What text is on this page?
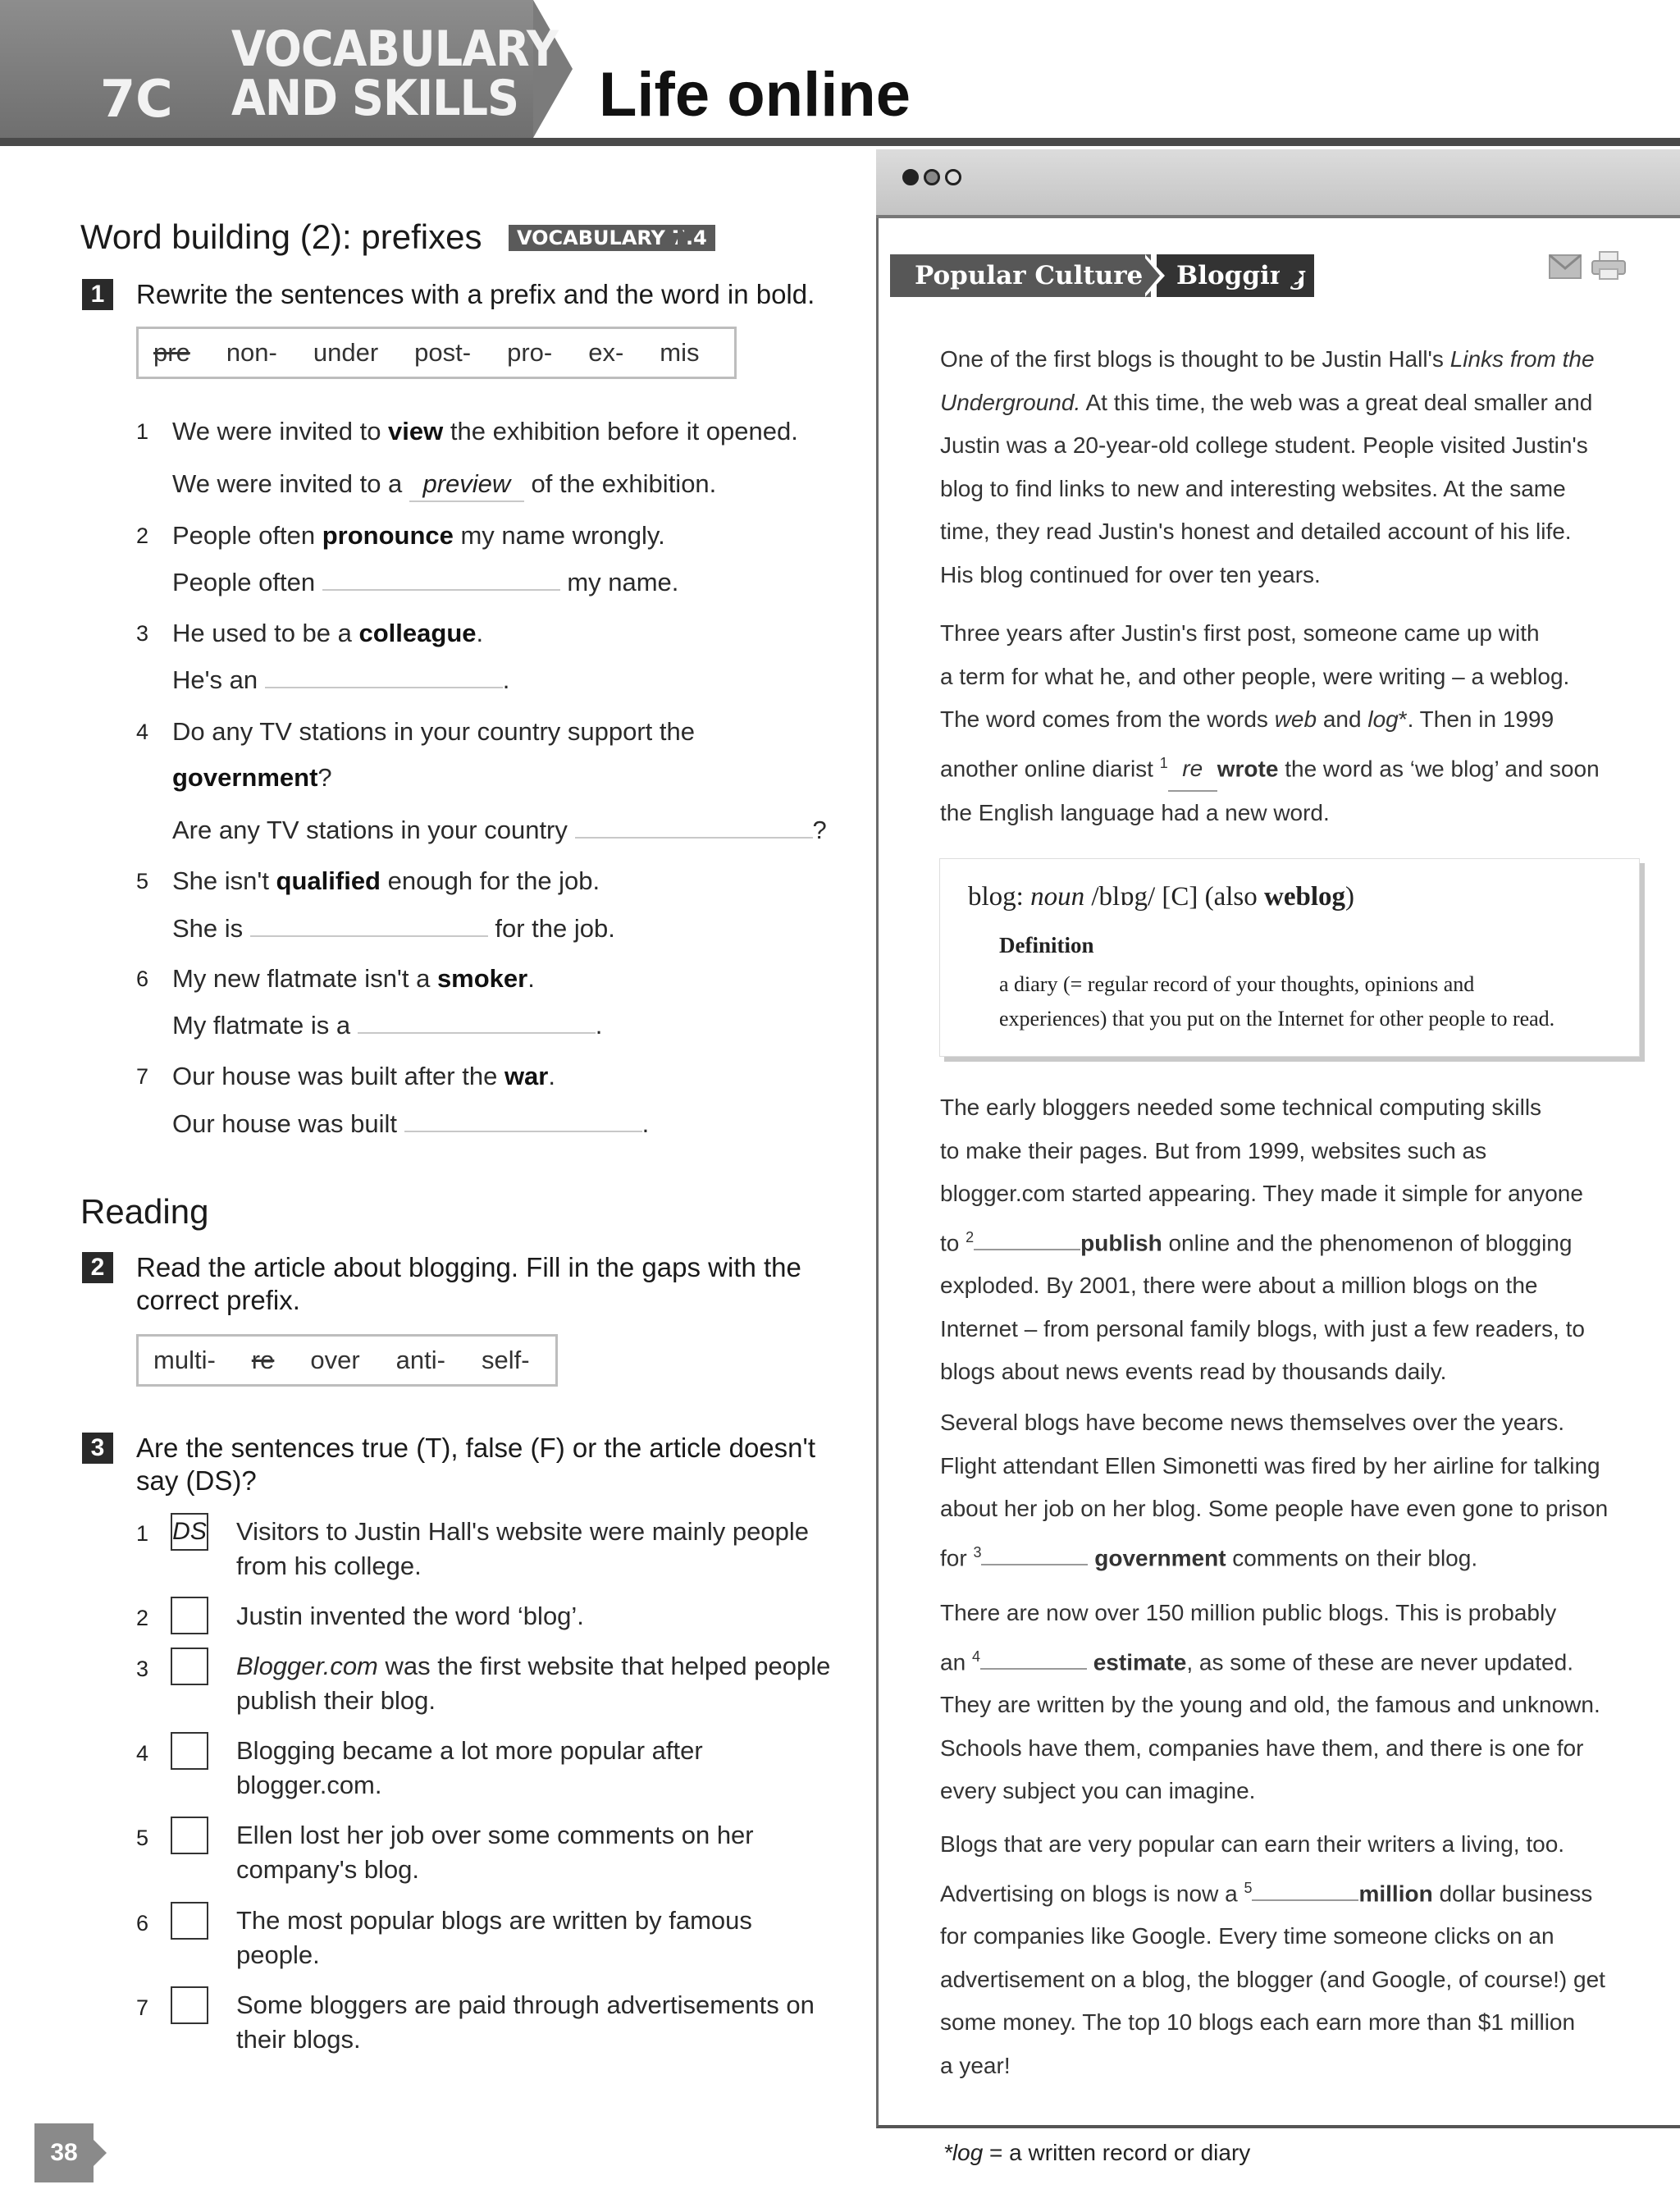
VOCABULARY
AND SKILLS
7C	Life online
Word building (2): prefixes	VOCABULARY 7.4
1	Rewrite the sentences with a prefix and the word in bold.
pre non- under post- pro- ex- mis
1 We were invited to view the exhibition before it opened.
We were invited to a preview of the exhibition.
2 People often pronounce my name wrongly.
People often	my name.
3 He used to be a colleague.
He's an	.
4 Do any TV stations in your country support the
government?
Are any TV stations in your country	?
5 She isn't qualified enough for the job.
She is	for the job.
6 My new flatmate isn't a smoker.
My flatmate is a	.
7 Our house was built after the war.
Our house was built	.
Reading
2	Read the article about blogging. Fill in the gaps with the
correct prefix.
multi- re over anti- self-
3	Are the sentences true (T), false (F) or the article doesn't
say (DS)?
1 DS Visitors to Justin Hall's website were mainly people
from his college.
2	Justin invented the word ‘blog’.
3	Blogger.com was the first website that helped people
publish their blog.
4	Blogging became a lot more popular after
blogger.com.
5	Ellen lost her job over some comments on her
company's blog.
6	The most popular blogs are written by famous
people.
7	Some bloggers are paid through advertisements on
their blogs.
38
Popular Culture	Blogging
One of the first blogs is thought to be Justin Hall's Links from the
Underground. At this time, the web was a great deal smaller and
Justin was a 20-year-old college student. People visited Justin's
blog to find links to new and interesting websites. At the same
time, they read Justin's honest and detailed account of his life.
His blog continued for over ten years.
Three years after Justin's first post, someone came up with
a term for what he, and other people, were writing – a weblog.
The word comes from the words web and log*. Then in 1999
another online diarist $^1$ re wrote the word as ‘we blog’ and soon
the English language had a new word.
blog: noun /blɒg/ [C] (also weblog)
Definition
a diary (= regular record of your thoughts, opinions and
experiences) that you put on the Internet for other people to read.
The early bloggers needed some technical computing skills
to make their pages. But from 1999, websites such as
blogger.com started appearing. They made it simple for anyone
to $^2$	publish online and the phenomenon of blogging
exploded. By 2001, there were about a million blogs on the
Internet – from personal family blogs, with just a few readers, to
blogs about news events read by thousands daily.
Several blogs have become news themselves over the years.
Flight attendant Ellen Simonetti was fired by her airline for talking
about her job on her blog. Some people have even gone to prison
for $^3$	government comments on their blog.
There are now over 150 million public blogs. This is probably
an $^4$	estimate, as some of these are never updated.
They are written by the young and old, the famous and unknown.
Schools have them, companies have them, and there is one for
every subject you can imagine.
Blogs that are very popular can earn their writers a living, too.
Advertising on blogs is now a $^5$	million dollar business
for companies like Google. Every time someone clicks on an
advertisement on a blog, the blogger (and Google, of course!) get
some money. The top 10 blogs each earn more than $1 million
a year!
*log = a written record or diary
